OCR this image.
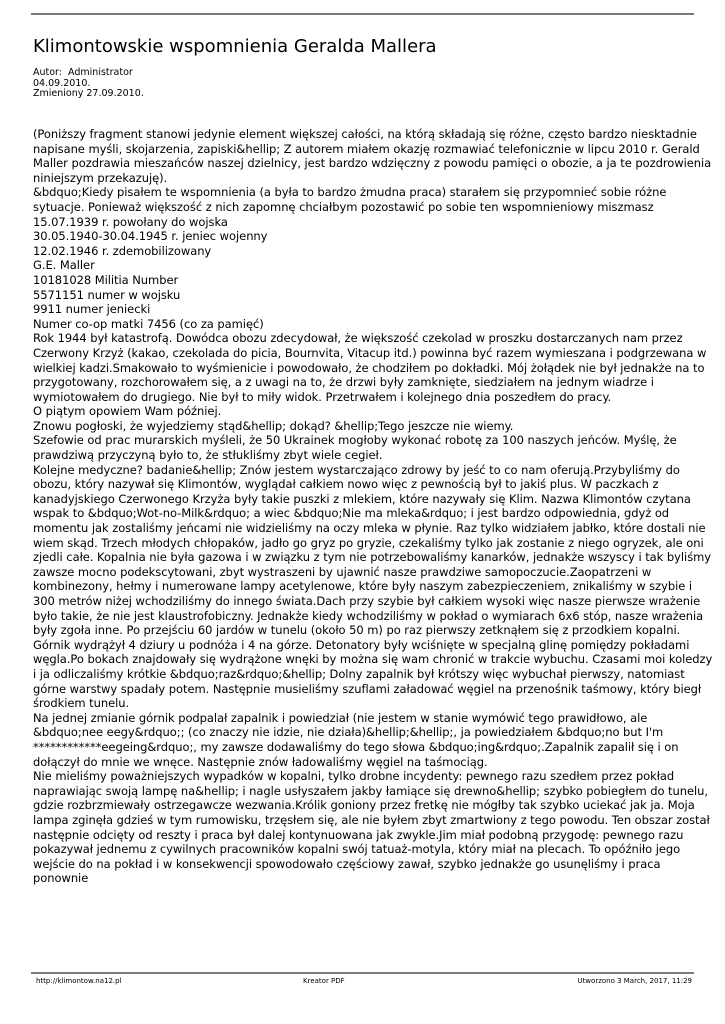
Klimontowskie wspomnienia Geralda Mallera
Autor: Administrator
04.09.2010.
Zmieniony 27.09.2010.

(Poniższy fragment stanowi jedynie element większej całości, na którą składają się różne, często bardzo niesktadnie napisane myśli, skojarzenia, zapiski&hellip; Z autorem miałem okazję rozmawiać telefonicznie w lipcu 2010 r. Gerald Maller pozdrawia mieszańców naszej dzielnicy, jest bardzo wdzięczny z powodu pamięci o obozie, a ja te pozdrowienia niniejszym przekazuję).

&bdquo;Kiedy pisałem te wspomnienia (a była to bardzo żmudna praca) starałem się przypomnieć sobie różne sytuacje. Ponieważ większość z nich zapomnę chciałbym pozostawić po sobie ten wspomnieniowy miszmasz

15.07.1939 r. powołany do wojska

30.05.1940-30.04.1945 r. jeniec wojenny

12.02.1946 r. zdemobilizowany

G.E. Maller

10181028 Militia Number

5571151 numer w wojsku

9911 numer jeniecki

Numer co-op matki 7456 (co za pamięć)

Rok 1944 był katastrofą. Dowódca obozu zdecydował, że większość czekolad w proszku dostarczanych nam przez Czerwony Krzyż (kakao, czekolada do picia, Bournvita, Vitacup itd.) powinna być razem wymieszana i podgrzewana w wielkiej kadzi.Smakowało to wyśmienicie i powodowało, że chodziłem po dokładki. Mój żołądek nie był jednakże na to przygotowany, rozchorowałem się, a z uwagi na to, że drzwi były zamknięte, siedziałem na jednym wiadrze i wymiotowałem do drugiego. Nie był to miły widok. Przetrwałem i kolejnego dnia poszedłem do pracy.

O piątym opowiem Wam później.

Znowu pogłoski, że wyjedziemy stąd&hellip; dokąd? &hellip;Tego jeszcze nie wiemy.

Szefowie od prac murarskich myśleli, że 50 Ukrainek mogłoby wykonać robotę za 100 naszych jeńców. Myślę, że prawdziwą przyczyną było to, że stłukliśmy zbyt wiele cegieł.

Kolejne medyczne? badanie&hellip; Znów jestem wystarczająco zdrowy by jeść to co nam oferują.Przybyliśmy do obozu, który nazywał się Klimontów, wyglądał całkiem nowo więc z pewnością był to jakiś plus. W paczkach z kanadyjskiego Czerwonego Krzyża były takie puszki z mlekiem, które nazywały się Klim. Nazwa Klimontów czytana wspak to &bdquo;Wot-no-Milk&rdquo; a wiec &bdquo;Nie ma mleka&rdquo; i jest bardzo odpowiednia, gdyż od momentu jak zostaliśmy jeńcami nie widzieliśmy na oczy mleka w płynie. Raz tylko widziałem jabłko, które dostali nie wiem skąd. Trzech młodych chłopaków, jadło go gryz po gryzie, czekaliśmy tylko jak zostanie z niego ogryzek, ale oni zjedli całe. Kopalnia nie była gazowa i w związku z tym nie potrzebowaliśmy kanarków, jednakże wszyscy i tak byliśmy zawsze mocno podekscytowani, zbyt wystraszeni by ujawnić nasze prawdziwe samopoczucie.Zaopatrzeni w kombinezony, hełmy i numerowane lampy acetylenowe, które były naszym zabezpieczeniem, znikaliśmy w szybie i 300 metrów niżej wchodziliśmy do innego świata.Dach przy szybie był całkiem wysoki więc nasze pierwsze wrażenie było takie, że nie jest klaustrofobiczny. Jednakże kiedy wchodziliśmy w pokład o wymiarach 6x6 stóp, nasze wrażenia były zgoła inne. Po przejściu 60 jardów w tunelu (około 50 m) po raz pierwszy zetknąłem się z przodkiem kopalni. Górnik wydrążył 4 dziury u podnóża i 4 na górze. Detonatory były wciśnięte w specjalną glinę pomiędzy pokładami węgla.Po bokach znajdowały się wydrążone wnęki by można się wam chronić w trakcie wybuchu. Czasami moi koledzy i ja odliczaliśmy krótkie &bdquo;raz&rdquo;&hellip; Dolny zapalnik był krótszy więc wybuchał pierwszy, natomiast górne warstwy spadały potem. Następnie musieliśmy szuflami załadować węgiel na przenośnik taśmowy, który biegł środkiem tunelu.

Na jednej zmianie górnik podpalał zapalnik i powiedział (nie jestem w stanie wymówić tego prawidłowo, ale &bdquo;nee eegy&rdquo;; (co znaczy nie idzie, nie działa)&hellip;&hellip;, ja powiedziałem &bdquo;no but I'm ************eegeing&rdquo;, my zawsze dodawaliśmy do tego słowa &bdquo;ing&rdquo;.Zapalnik zapalił się i on dołączył do mnie we wnęce. Następnie znów ładowaliśmy węgiel na taśmociąg.

Nie mieliśmy poważniejszych wypadków w kopalni, tylko drobne incydenty: pewnego razu szedłem przez pokład naprawiając swoją lampę na&hellip; i nagle usłyszałem jakby łamiące się drewno&hellip; szybko pobiegłem do tunelu, gdzie rozbrzmiewały ostrzegawcze wezwania.Królik goniony przez fretkę nie mógłby tak szybko uciekać jak ja. Moja lampa zginęła gdzieś w tym rumowisku, trzęsłem się, ale nie byłem zbyt zmartwiony z tego powodu. Ten obszar został następnie odcięty od reszty i praca był dalej kontynuowana jak zwykle.Jim miał podobną przygodę: pewnego razu pokazywał jednemu z cywilnych pracowników kopalni swój tatuaż-motyla, który miał na plecach. To opóźniło jego wejście do na pokład i w konsekwencji spowodowało częściowy zawał, szybko jednakże go usunęliśmy i praca ponownie

http://klimontow.na12.pl	Kreator PDF	Utworzono 3 March, 2017, 11:29
